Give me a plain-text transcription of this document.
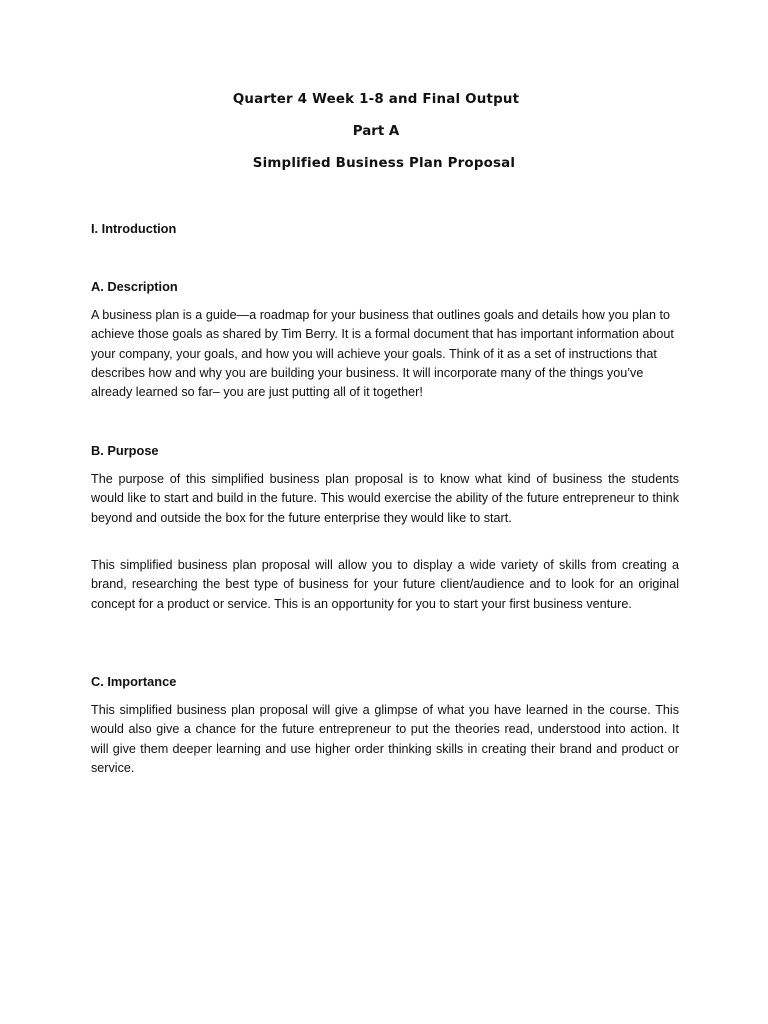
Quarter 4 Week 1-8 and Final Output
Part A
Simplified Business Plan Proposal
I. Introduction
A. Description
A business plan is a guide—a roadmap for your business that outlines goals and details how you plan to achieve those goals as shared by Tim Berry. It is a formal document that has important information about your company, your goals, and how you will achieve your goals. Think of it as a set of instructions that describes how and why you are building your business. It will incorporate many of the things you’ve already learned so far– you are just putting all of it together!
B. Purpose
The purpose of this simplified business plan proposal is to know what kind of business the students would like to start and build in the future. This would exercise the ability of the future entrepreneur to think beyond and outside the box for the future enterprise they would like to start.
This simplified business plan proposal will allow you to display a wide variety of skills from creating a brand, researching the best type of business for your future client/audience and to look for an original concept for a product or service. This is an opportunity for you to start your first business venture.
C. Importance
This simplified business plan proposal will give a glimpse of what you have learned in the course. This would also give a chance for the future entrepreneur to put the theories read, understood into action. It will give them deeper learning and use higher order thinking skills in creating their brand and product or service.
